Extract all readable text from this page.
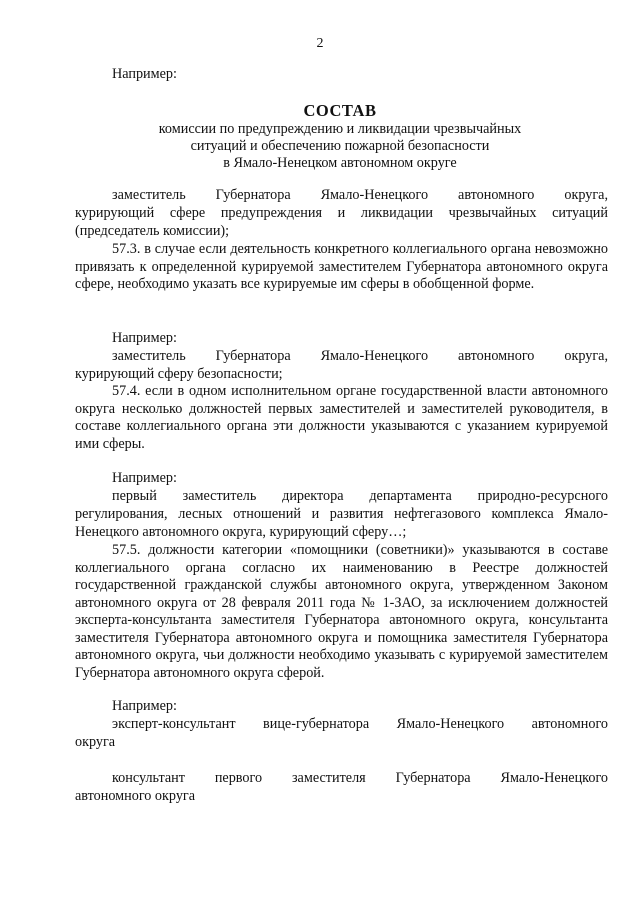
2
Например:
СОСТАВ
комиссии по предупреждению и ликвидации чрезвычайных
ситуаций и обеспечению пожарной безопасности
в Ямало-Ненецком автономном округе
заместитель Губернатора Ямало-Ненецкого автономного округа,
курирующий сфере предупреждения и ликвидации чрезвычайных ситуаций (председатель комиссии);
57.3. в случае если деятельность конкретного коллегиального органа невозможно привязать к определенной курируемой заместителем Губернатора автономного округа сфере, необходимо указать все курируемые им сферы в обобщенной форме.
Например:
заместитель Губернатора Ямало-Ненецкого автономного округа,
курирующий сферу безопасности;
57.4. если в одном исполнительном органе государственной власти автономного округа несколько должностей первых заместителей и заместителей руководителя, в составе коллегиального органа эти должности указываются с указанием курируемой ими сферы.
Например:
первый заместитель директора департамента природно-ресурсного
регулирования, лесных отношений и развития нефтегазового комплекса Ямало-Ненецкого автономного округа, курирующий сферу…;
57.5. должности категории «помощники (советники)» указываются в составе коллегиального органа согласно их наименованию в Реестре должностей государственной гражданской службы автономного округа, утвержденном Законом автономного округа от 28 февраля 2011 года № 1-ЗАО, за исключением должностей эксперта-консультанта заместителя Губернатора автономного округа, консультанта заместителя Губернатора автономного округа и помощника заместителя Губернатора автономного округа, чьи должности необходимо указывать с курируемой заместителем Губернатора автономного округа сферой.
Например:
эксперт-консультант вице-губернатора Ямало-Ненецкого автономного
округа
консультант первого заместителя Губернатора Ямало-Ненецкого
автономного округа
